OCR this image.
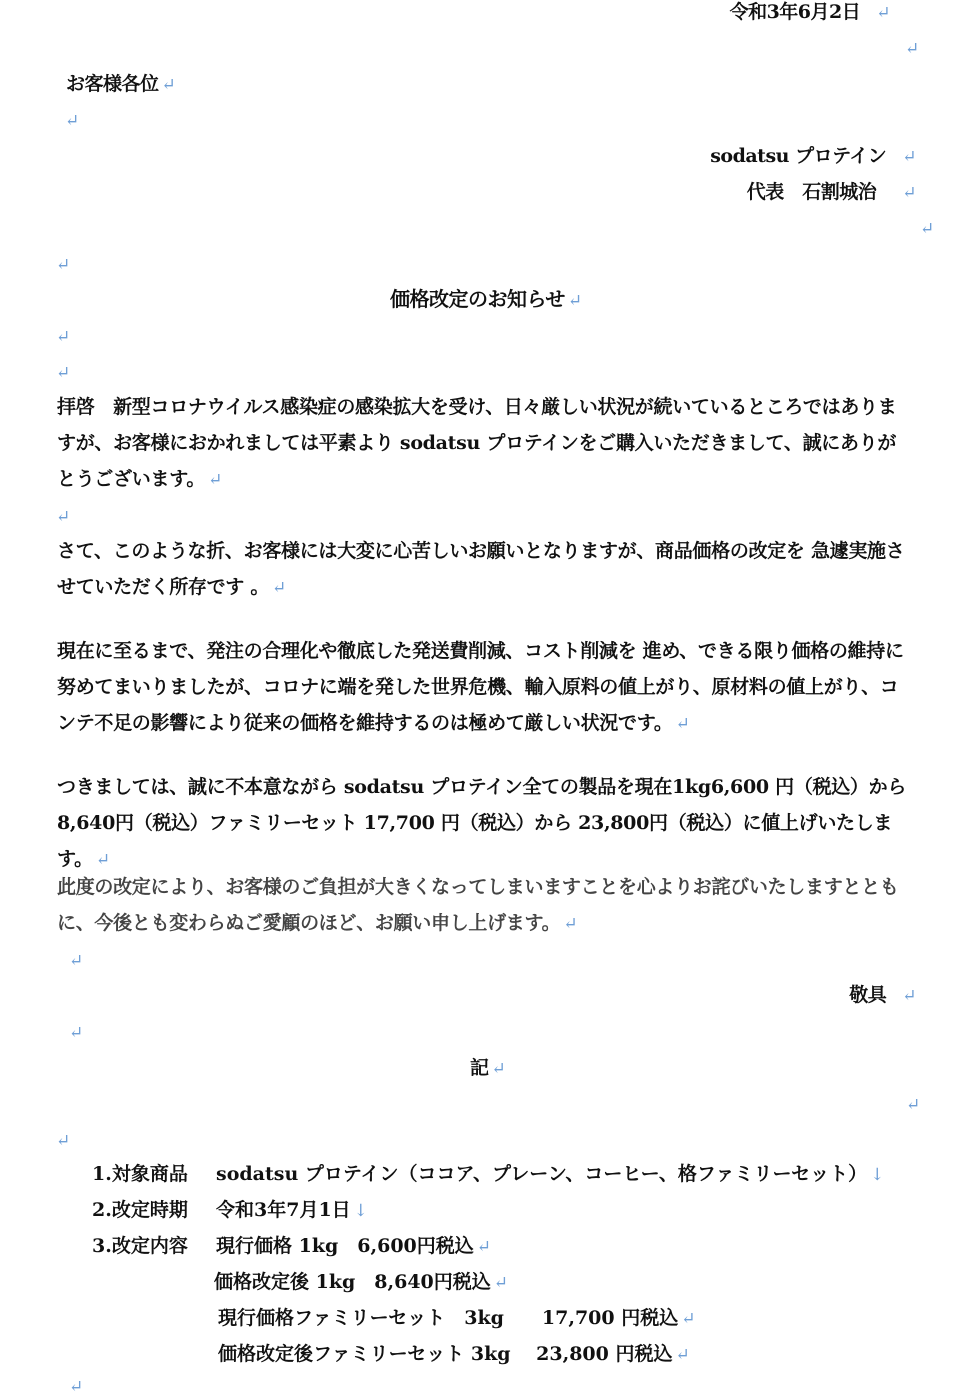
令和3年6月2日 ↵
↵
お客様各位 ↵
↵
sodatsu プロテイン ↵
代表　石割城治 ↵
↵
↵
価格改定のお知らせ ↵
↵
↵
拝啓　新型コロナウイルス感染症の感染拡大を受け、日々厳しい状況が続いているところではありますが、お客様におかれましては平素より sodatsu プロテインをご購入いただきまして、誠にありがとうございます。 ↵
↵
さて、このような折、お客様には大変に心苦しいお願いとなりますが、商品価格の改定を 急遽実施させていただく所存です 。 ↵
現在に至るまで、発注の合理化や徹底した発送費削減、コスト削減を 進め、できる限り価格の維持に努めてまいりましたが、コロナに端を発した世界危機、輸入原料の値上がり、原材料の値上がり、コンテ不足の影響により従来の価格を維持するのは極めて厳しい状況です。 ↵
つきましては、誠に不本意ながら sodatsu プロテイン全ての製品を現在1kg6,600 円（税込）から8,640円（税込）ファミリーセット 17,700 円（税込）から 23,800円（税込）に値上げいたします。 ↵
此度の改定により、お客様のご負担が大きくなってしまいますことを心よりお詫びいたしますとともに、今後とも変わらぬご愛顧のほど、お願い申し上げます。 ↵
↵
敬具 ↵
↵
記 ↵
↵
↵
1.対象商品 sodatsu プロテイン（ココア、プレーン、コーヒー、格ファミリーセット） ↓
2.改定時期 令和3年7月1日 ↓
3.改定内容 現行価格 1kg　6,600円税込 ↵
価格改定後 1kg　8,640円税込 ↵
現行価格ファミリーセット　3kg　　17,700 円税込 ↵
価格改定後ファミリーセット 3kg　 23,800 円税込 ↵
↵
